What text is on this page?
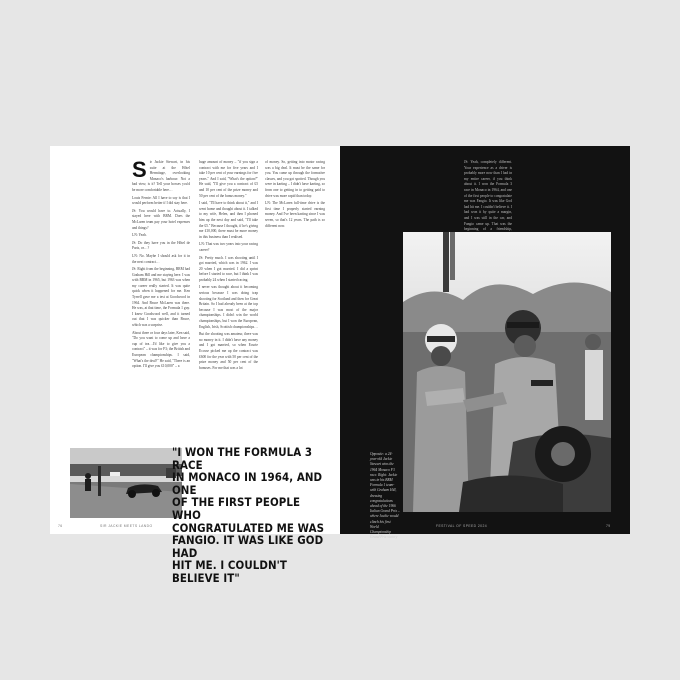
Sir Jackie Stewart, in his suite at the Hôtel Hermitage, overlooking Monaco's harbour: Not a bad view, is it? Tell your bosses you'd be more comfortable here…

Louis Fernie: All I have to say is that I would perform better if I did stay here.

JS: You would have to. Actually, I stayed here with BRM. Does the McLaren team pay your hotel expenses and things?

LN: Yeah.

JS: Do they have you in the Hôtel de Paris, or…?

LN: No. Maybe I should ask for it in the next contract…

JS: Right from the beginning, BRM had Graham Hill and me staying here. I was with BRM in 1965, but 1963 was when my career really started. It was quite quick when it happened for me. Ken Tyrrell gave me a test at Goodwood in 1964. And Bruce McLaren was there. He was, at that time, the Formula 1 guy. I knew Goodwood well, and it turned out that I was quicker than Bruce, which was a surprise.

About three or four days later, Ken said, "Do you want to come up and have a cup of tea…I'd like to give you a contract" – it was for F3; the British and European championships. I said, "What's the deal?" He said, "There is an option. I'll give you £10,000" – a

huge amount of money – "if you sign a contract with me for five years and I take 10 per cent of your earnings for five years." And I said, "What's the option?" He said, "I'll give you a contract of £5 and 10 per cent of the prize money and 50 per cent of the bonus money."

I said, "I'll have to think about it," and I went home and thought about it. I talked to my wife, Helen, and then I phoned him up the next day and said, "I'll take the £5." Because I thought, if he's giving me £10,000, there must be more money in this business than I realised.

LN: That was two years into your racing career?

JS: Pretty much. I was shooting until I got married, which was in 1962. I was 20 when I got married. I did a sprint before I started to race, but I think I was probably 24 when I started racing.

I never was thought about it becoming serious because I was doing trap shooting for Scotland and then for Great Britain. So I had already been at the top because I was most of the major championships. I didn't win the world championships, but I won the European, English, Irish, Scottish championships…

But the shooting was amateur, there was no money in it. I didn't have any money and I got married, so when Ecurie Ecosse picked me up the contract was £600 for the year with 50 per cent of the prize money and 50 per cent of the bonuses. For me that was a lot

of money. So, getting into motor racing was a big deal. It must be the same for you. You came up through the formative classes, and you got spotted. Though you were in karting – I didn't have karting, so from one to getting in to getting paid to drive was more rapid than today.

LN: The McLaren full-time drive is the first time I properly started earning money. And I've been karting since I was seven, so that's 12 years. The path is so different now.

"I WON THE FORMULA 3 RACE
IN MONACO IN 1964, AND ONE
OF THE FIRST PEOPLE WHO
CONGRATULATED ME WAS
FANGIO. IT WAS LIKE GOD HAD
HIT ME. I COULDN'T BELIEVE IT"
76	SIR JACKIE MEETS LANDO

JS: Yeah, completely different. Your experience as a driver is probably more now than I had in my entire career, if you think about it. I won the Formula 3 race in Monaco in 1964, and one of the first people to congratulate me was Fangio. It was like God had hit me. I couldn't believe it. I had won it by quite a margin, and I was still in the car, and Fangio came up. That was the beginning of a friendship,

Opposite: a 24-year-old Jackie Stewart wins the 1964 Monaco F3 race. Right: Jackie was in his BRM Formula 1 team-with Graham Hill, dressing congratulations ahead of the 1966 Italian Grand Prix – where Jackie would clinch his first World Championship Grand Prix victory
FESTIVAL OF SPEED 2024	79
